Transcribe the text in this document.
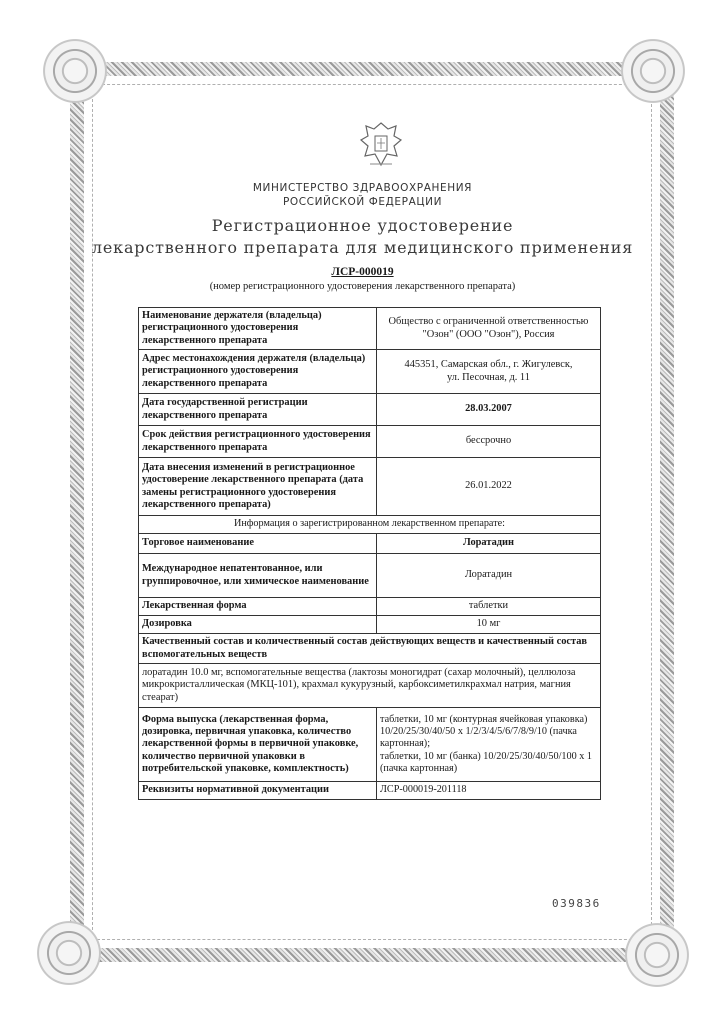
МИНИСТЕРСТВО ЗДРАВООХРАНЕНИЯ
РОССИЙСКОЙ ФЕДЕРАЦИИ
Регистрационное удостоверение
лекарственного препарата для медицинского применения
ЛСР-000019
(номер регистрационного удостоверения лекарственного препарата)
Наименование держателя (владельца) регистрационного удостоверения лекарственного препарата	Общество с ограниченной ответственностью "Озон" (ООО "Озон"), Россия
Адрес местонахождения держателя (владельца) регистрационного удостоверения лекарственного препарата	445351, Самарская обл., г. Жигулевск,
ул. Песочная, д. 11

Дата государственной регистрации лекарственного препарата	28.03.2007
Срок действия регистрационного удостоверения лекарственного препарата	бессрочно
Дата внесения изменений в регистрационное удостоверение лекарственного препарата (дата замены регистрационного удостоверения лекарственного препарата)	26.01.2022
Информация о зарегистрированном лекарственном препарате:	
Торговое наименование	Лоратадин
Международное непатентованное, или группировочное, или химическое наименование	Лоратадин
Лекарственная форма	таблетки
Дозировка	10 мг
Качественный состав и количественный состав действующих веществ и качественный состав вспомогательных веществ	
лоратадин 10.0 мг, вспомогательные вещества (лактозы моногидрат (сахар молочный), целлюлоза микрокристаллическая (МКЦ-101), крахмал кукурузный, карбоксиметилкрахмал натрия, магния стеарат)	
Форма выпуска (лекарственная форма, дозировка, первичная упаковка, количество лекарственной формы в первичной упаковке, количество первичной упаковки в потребительской упаковке, комплектность)	таблетки, 10 мг (контурная ячейковая упаковка) 10/20/25/30/40/50 x 1/2/3/4/5/6/7/8/9/10 (пачка картонная);
таблетки, 10 мг (банка) 10/20/25/30/40/50/100 x 1 (пачка картонная)

Реквизиты нормативной документации	ЛСР-000019-201118
039836
